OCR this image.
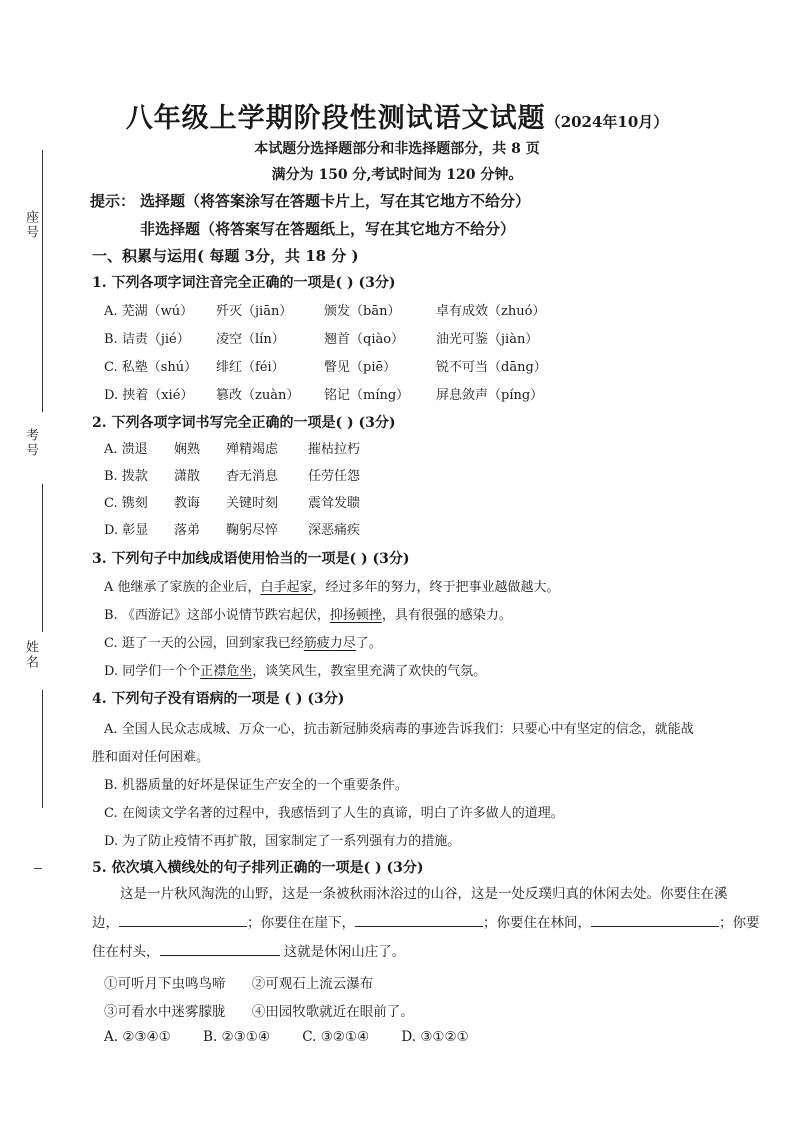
座号
考号
姓名
八年级上学期阶段性测试语文试题（2024年10月）
本试题分选择题部分和非选择题部分，共 8 页
满分为 150 分,考试时间为 120 分钟。
提示： 选择题（将答案涂写在答题卡片上，写在其它地方不给分）
非选择题（将答案写在答题纸上，写在其它地方不给分）
一、积累与运用( 每题 3分，共 18 分 )
1. 下列各项字词注音完全正确的一项是( ) (3分)
A. 芜湖（wú） 歼灭（jiān） 颁发（bān）	卓有成效（zhuó）
B. 诘责（jié） 凌空（lín）	翘首（qiào） 油光可鉴（jiàn）
C. 私塾（shú） 绯红（féi）	瞥见（piē）	锐不可当（dāng）
D. 挟着（xié） 篡改（zuàn） 铭记（míng） 屏息敛声（píng）
2. 下列各项字词书写完全正确的一项是( ) (3分)
A. 溃退 娴熟 殚精竭虑 摧枯拉朽
B. 拨款 潇散 杳无消息 任劳任怨
C. 镌刻 教诲 关键时刻 震耸发聩
D. 彰显 落弟 鞠躬尽悴 深恶痛疾
3. 下列句子中加线成语使用恰当的一项是( ) (3分)
A 他继承了家族的企业后，白手起家，经过多年的努力，终于把事业越做越大。
B. 《西游记》这部小说情节跌宕起伏，抑扬顿挫，具有很强的感染力。
C. 逛了一天的公园，回到家我已经筋疲力尽了。
D. 同学们一个个正襟危坐，谈笑风生，教室里充满了欢快的气氛。
4. 下列句子没有语病的一项是 ( ) (3分)
A. 全国人民众志成城、万众一心，抗击新冠肺炎病毒的事迹告诉我们：只要心中有坚定的信念，就能战
胜和面对任何困难。
B. 机器质量的好坏是保证生产安全的一个重要条件。
C. 在阅读文学名著的过程中，我感悟到了人生的真谛，明白了许多做人的道理。
D. 为了防止疫情不再扩散，国家制定了一系列强有力的措施。
5. 依次填入横线处的句子排列正确的一项是( ) (3分)
这是一片秋风淘洗的山野，这是一条被秋雨沐浴过的山谷，这是一处反璞归真的休闲去处。你要住在溪
边，	；你要住在崖下，	；你要住在林间，	；你要
住在村头，	这就是休闲山庄了。
①可听月下虫鸣鸟啼 ②可观石上流云瀑布
③可看水中迷雾朦胧 ④田园牧歌就近在眼前了。
A. ②③④① B. ②③①④ C. ③②①④ D. ③①②①
